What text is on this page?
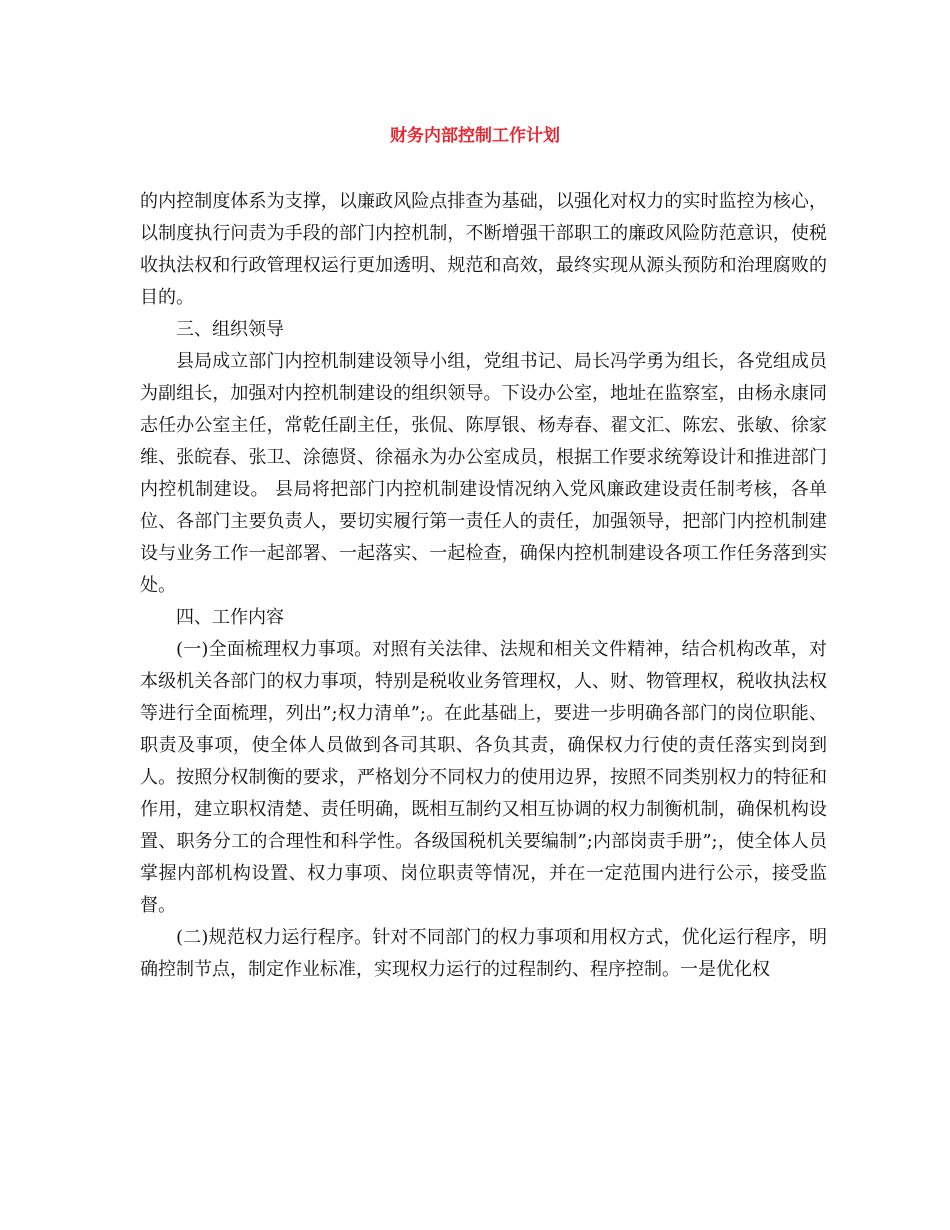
财务内部控制工作计划

的内控制度体系为支撑，以廉政风险点排查为基础，以强化对权力的实时监控为核心，以制度执行问责为手段的部门内控机制，不断增强干部职工的廉政风险防范意识，使税收执法权和行政管理权运行更加透明、规范和高效，最终实现从源头预防和治理腐败的目的。

三、组织领导

县局成立部门内控机制建设领导小组，党组书记、局长冯学勇为组长，各党组成员为副组长，加强对内控机制建设的组织领导。下设办公室，地址在监察室，由杨永康同志任办公室主任，常乾任副主任，张侃、陈厚银、杨寿春、翟文汇、陈宏、张敏、徐家维、张皖春、张卫、涂德贤、徐福永为办公室成员，根据工作要求统筹设计和推进部门内控机制建设。 县局将把部门内控机制建设情况纳入党风廉政建设责任制考核，各单位、各部门主要负责人，要切实履行第一责任人的责任，加强领导，把部门内控机制建设与业务工作一起部署、一起落实、一起检查，确保内控机制建设各项工作任务落到实处。

四、工作内容

(一)全面梳理权力事项。对照有关法律、法规和相关文件精神，结合机构改革，对本级机关各部门的权力事项，特别是税收业务管理权，人、财、物管理权，税收执法权等进行全面梳理，列出”;权力清单”;。在此基础上，要进一步明确各部门的岗位职能、职责及事项，使全体人员做到各司其职、各负其责，确保权力行使的责任落实到岗到人。按照分权制衡的要求，严格划分不同权力的使用边界，按照不同类别权力的特征和作用，建立职权清楚、责任明确，既相互制约又相互协调的权力制衡机制，确保机构设置、职务分工的合理性和科学性。各级国税机关要编制”;内部岗责手册”;，使全体人员掌握内部机构设置、权力事项、岗位职责等情况，并在一定范围内进行公示，接受监督。

(二)规范权力运行程序。针对不同部门的权力事项和用权方式，优化运行程序，明确控制节点，制定作业标准，实现权力运行的过程制约、程序控制。一是优化权
